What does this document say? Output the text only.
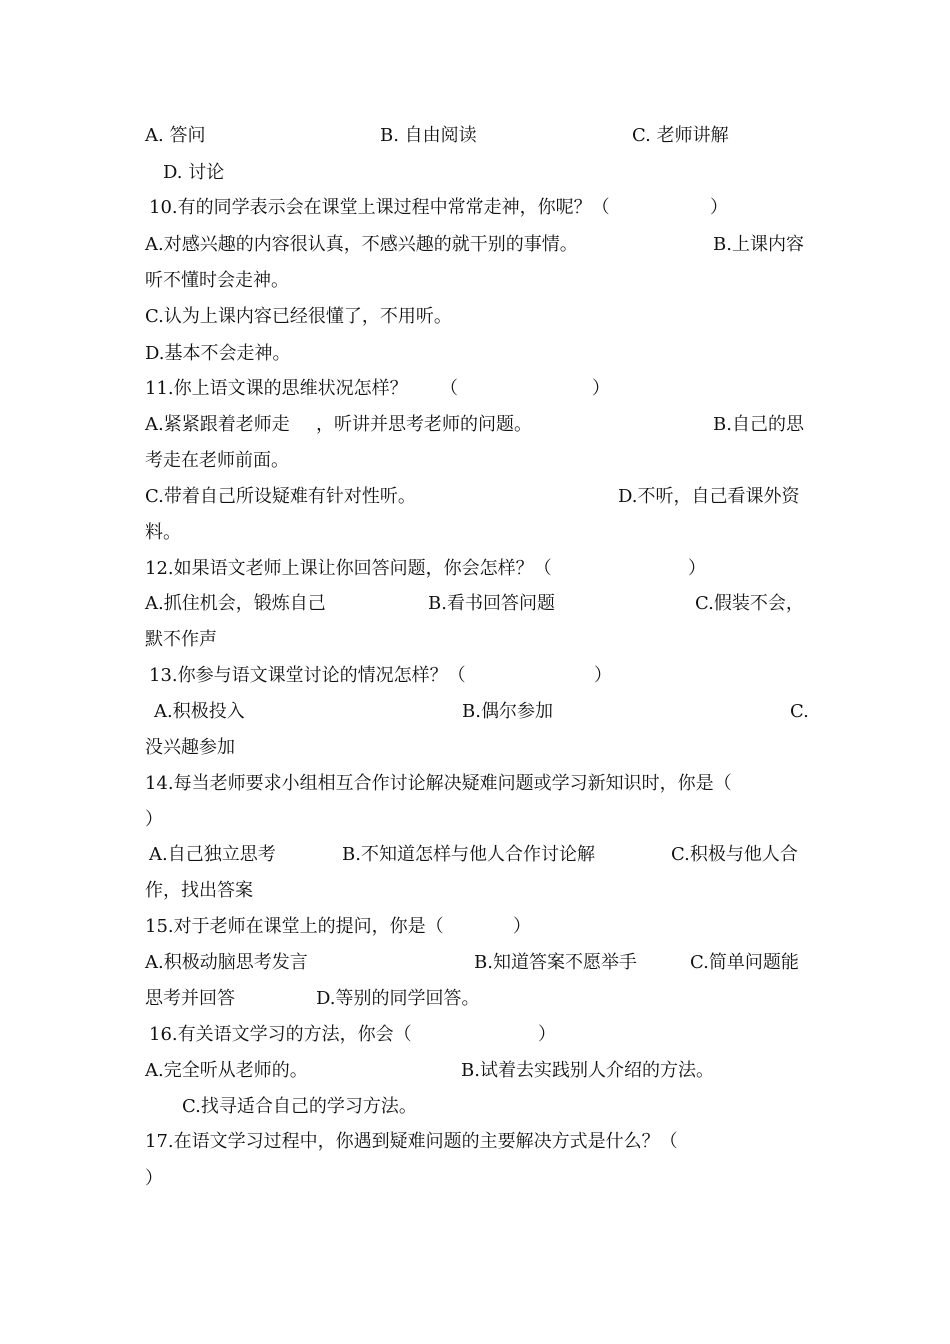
A. 答问	B. 自由阅读	C. 老师讲解
D. 讨论
10.有的同学表示会在课堂上课过程中常常走神，你呢？（	）
A.对感兴趣的内容很认真，不感兴趣的就干别的事情。	B.上课内容
听不懂时会走神。
C.认为上课内容已经很懂了，不用听。
D.基本不会走神。
11.你上语文课的思维状况怎样？ （	）
A.紧紧跟着老师走 ，听讲并思考老师的问题。	B.自己的思
考走在老师前面。
C.带着自己所设疑难有针对性听。	D.不听，自己看课外资
料。
12.如果语文老师上课让你回答问题，你会怎样？（	）
A.抓住机会，锻炼自己	B.看书回答问题	C.假装不会，
默不作声
13.你参与语文课堂讨论的情况怎样？（	）
A.积极投入	B.偶尔参加	C.
没兴趣参加
14.每当老师要求小组相互合作讨论解决疑难问题或学习新知识时，你是（
）
A.自己独立思考	B.不知道怎样与他人合作讨论解	C.积极与他人合
作，找出答案
15.对于老师在课堂上的提问，你是（	）
A.积极动脑思考发言	B.知道答案不愿举手	C.简单问题能
思考并回答	D.等别的同学回答。
16.有关语文学习的方法，你会（	）
A.完全听从老师的。	B.试着去实践别人介绍的方法。
C.找寻适合自己的学习方法。
17.在语文学习过程中，你遇到疑难问题的主要解决方式是什么？（
）
